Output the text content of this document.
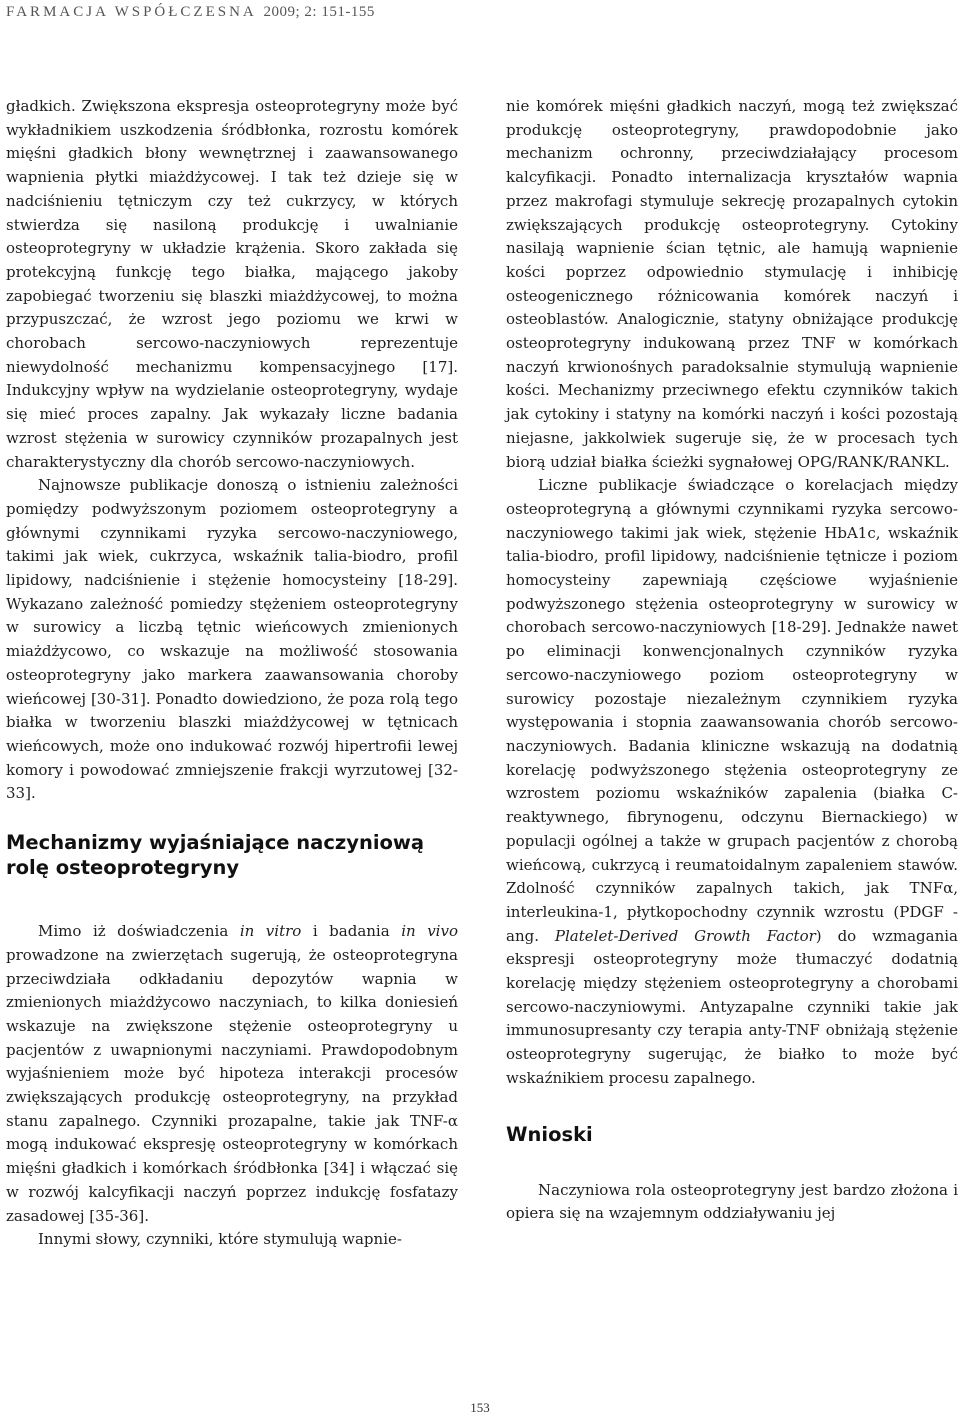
FARMACJA WSPÓŁCZESNA 2009; 2: 151-155

gładkich. Zwiększona ekspresja osteoprotegryny może być wykładnikiem uszkodzenia śródbłonka, rozrostu komórek mięśni gładkich błony wewnętrznej i zaawansowanego wapnienia płytki miażdżycowej. I tak też dzieje się w nadciśnieniu tętniczym czy też cukrzycy, w których stwierdza się nasiloną produkcję i uwalnianie osteoprotegryny w układzie krążenia. Skoro zakłada się protekcyjną funkcję tego białka, mającego jakoby zapobiegać tworzeniu się blaszki miażdżycowej, to można przypuszczać, że wzrost jego poziomu we krwi w chorobach sercowo-naczyniowych reprezentuje niewydolność mechanizmu kompensacyjnego [17]. Indukcyjny wpływ na wydzielanie osteoprotegryny, wydaje się mieć proces zapalny. Jak wykazały liczne badania wzrost stężenia w surowicy czynników prozapalnych jest charakterystyczny dla chorób sercowo-naczyniowych.

Najnowsze publikacje donoszą o istnieniu zależności pomiędzy podwyższonym poziomem osteoprotegryny a głównymi czynnikami ryzyka sercowo-naczyniowego, takimi jak wiek, cukrzyca, wskaźnik talia-biodro, profil lipidowy, nadciśnienie i stężenie homocysteiny [18-29]. Wykazano zależność pomiedzy stężeniem osteoprotegryny w surowicy a liczbą tętnic wieńcowych zmienionych miażdżycowo, co wskazuje na możliwość stosowania osteoprotegryny jako markera zaawansowania choroby wieńcowej [30-31]. Ponadto dowiedziono, że poza rolą tego białka w tworzeniu blaszki miażdżycowej w tętnicach wieńcowych, może ono indukować rozwój hipertrofii lewej komory i powodować zmniejszenie frakcji wyrzutowej [32-33].

Mechanizmy wyjaśniające naczyniową rolę osteoprotegryny

Mimo iż doświadczenia in vitro i badania in vivo prowadzone na zwierzętach sugerują, że osteoprotegryna przeciwdziała odkładaniu depozytów wapnia w zmienionych miażdżycowo naczyniach, to kilka doniesień wskazuje na zwiększone stężenie osteoprotegryny u pacjentów z uwapnionymi naczyniami. Prawdopodobnym wyjaśnieniem może być hipoteza interakcji procesów zwiększających produkcję osteoprotegryny, na przykład stanu zapalnego. Czynniki prozapalne, takie jak TNF-α mogą indukować ekspresję osteoprotegryny w komórkach mięśni gładkich i komórkach śródbłonka [34] i włączać się w rozwój kalcyfikacji naczyń poprzez indukcję fosfatazy zasadowej [35-36].

Innymi słowy, czynniki, które stymulują wapnie-

nie komórek mięśni gładkich naczyń, mogą też zwiększać produkcję osteoprotegryny, prawdopodobnie jako mechanizm ochronny, przeciwdziałający procesom kalcyfikacji. Ponadto internalizacja kryształów wapnia przez makrofagi stymuluje sekrecję prozapalnych cytokin zwiększających produkcję osteoprotegryny. Cytokiny nasilają wapnienie ścian tętnic, ale hamują wapnienie kości poprzez odpowiednio stymulację i inhibicję osteogenicznego różnicowania komórek naczyń i osteoblastów. Analogicznie, statyny obniżające produkcję osteoprotegryny indukowaną przez TNF w komórkach naczyń krwionośnych paradoksalnie stymulują wapnienie kości. Mechanizmy przeciwnego efektu czynników takich jak cytokiny i statyny na komórki naczyń i kości pozostają niejasne, jakkolwiek sugeruje się, że w procesach tych biorą udział białka ścieżki sygnałowej OPG/RANK/RANKL.

Liczne publikacje świadczące o korelacjach między osteoprotegryną a głównymi czynnikami ryzyka sercowo-naczyniowego takimi jak wiek, stężenie HbA1c, wskaźnik talia-biodro, profil lipidowy, nadciśnienie tętnicze i poziom homocysteiny zapewniają częściowe wyjaśnienie podwyższonego stężenia osteoprotegryny w surowicy w chorobach sercowo-naczyniowych [18-29]. Jednakże nawet po eliminacji konwencjonalnych czynników ryzyka sercowo-naczyniowego poziom osteoprotegryny w surowicy pozostaje niezależnym czynnikiem ryzyka występowania i stopnia zaawansowania chorób sercowo-naczyniowych. Badania kliniczne wskazują na dodatnią korelację podwyższonego stężenia osteoprotegryny ze wzrostem poziomu wskaźników zapalenia (białka C-reaktywnego, fibrynogenu, odczynu Biernackiego) w populacji ogólnej a także w grupach pacjentów z chorobą wieńcową, cukrzycą i reumatoidalnym zapaleniem stawów. Zdolność czynników zapalnych takich, jak TNFα, interleukina-1, płytkopochodny czynnik wzrostu (PDGF - ang. Platelet-Derived Growth Factor) do wzmagania ekspresji osteoprotegryny może tłumaczyć dodatnią korelację między stężeniem osteoprotegryny a chorobami sercowo-naczyniowymi. Antyzapalne czynniki takie jak immunosupresanty czy terapia anty-TNF obniżają stężenie osteoprotegryny sugerując, że białko to może być wskaźnikiem procesu zapalnego.

Wnioski

Naczyniowa rola osteoprotegryny jest bardzo złożona i opiera się na wzajemnym oddziaływaniu jej

153
